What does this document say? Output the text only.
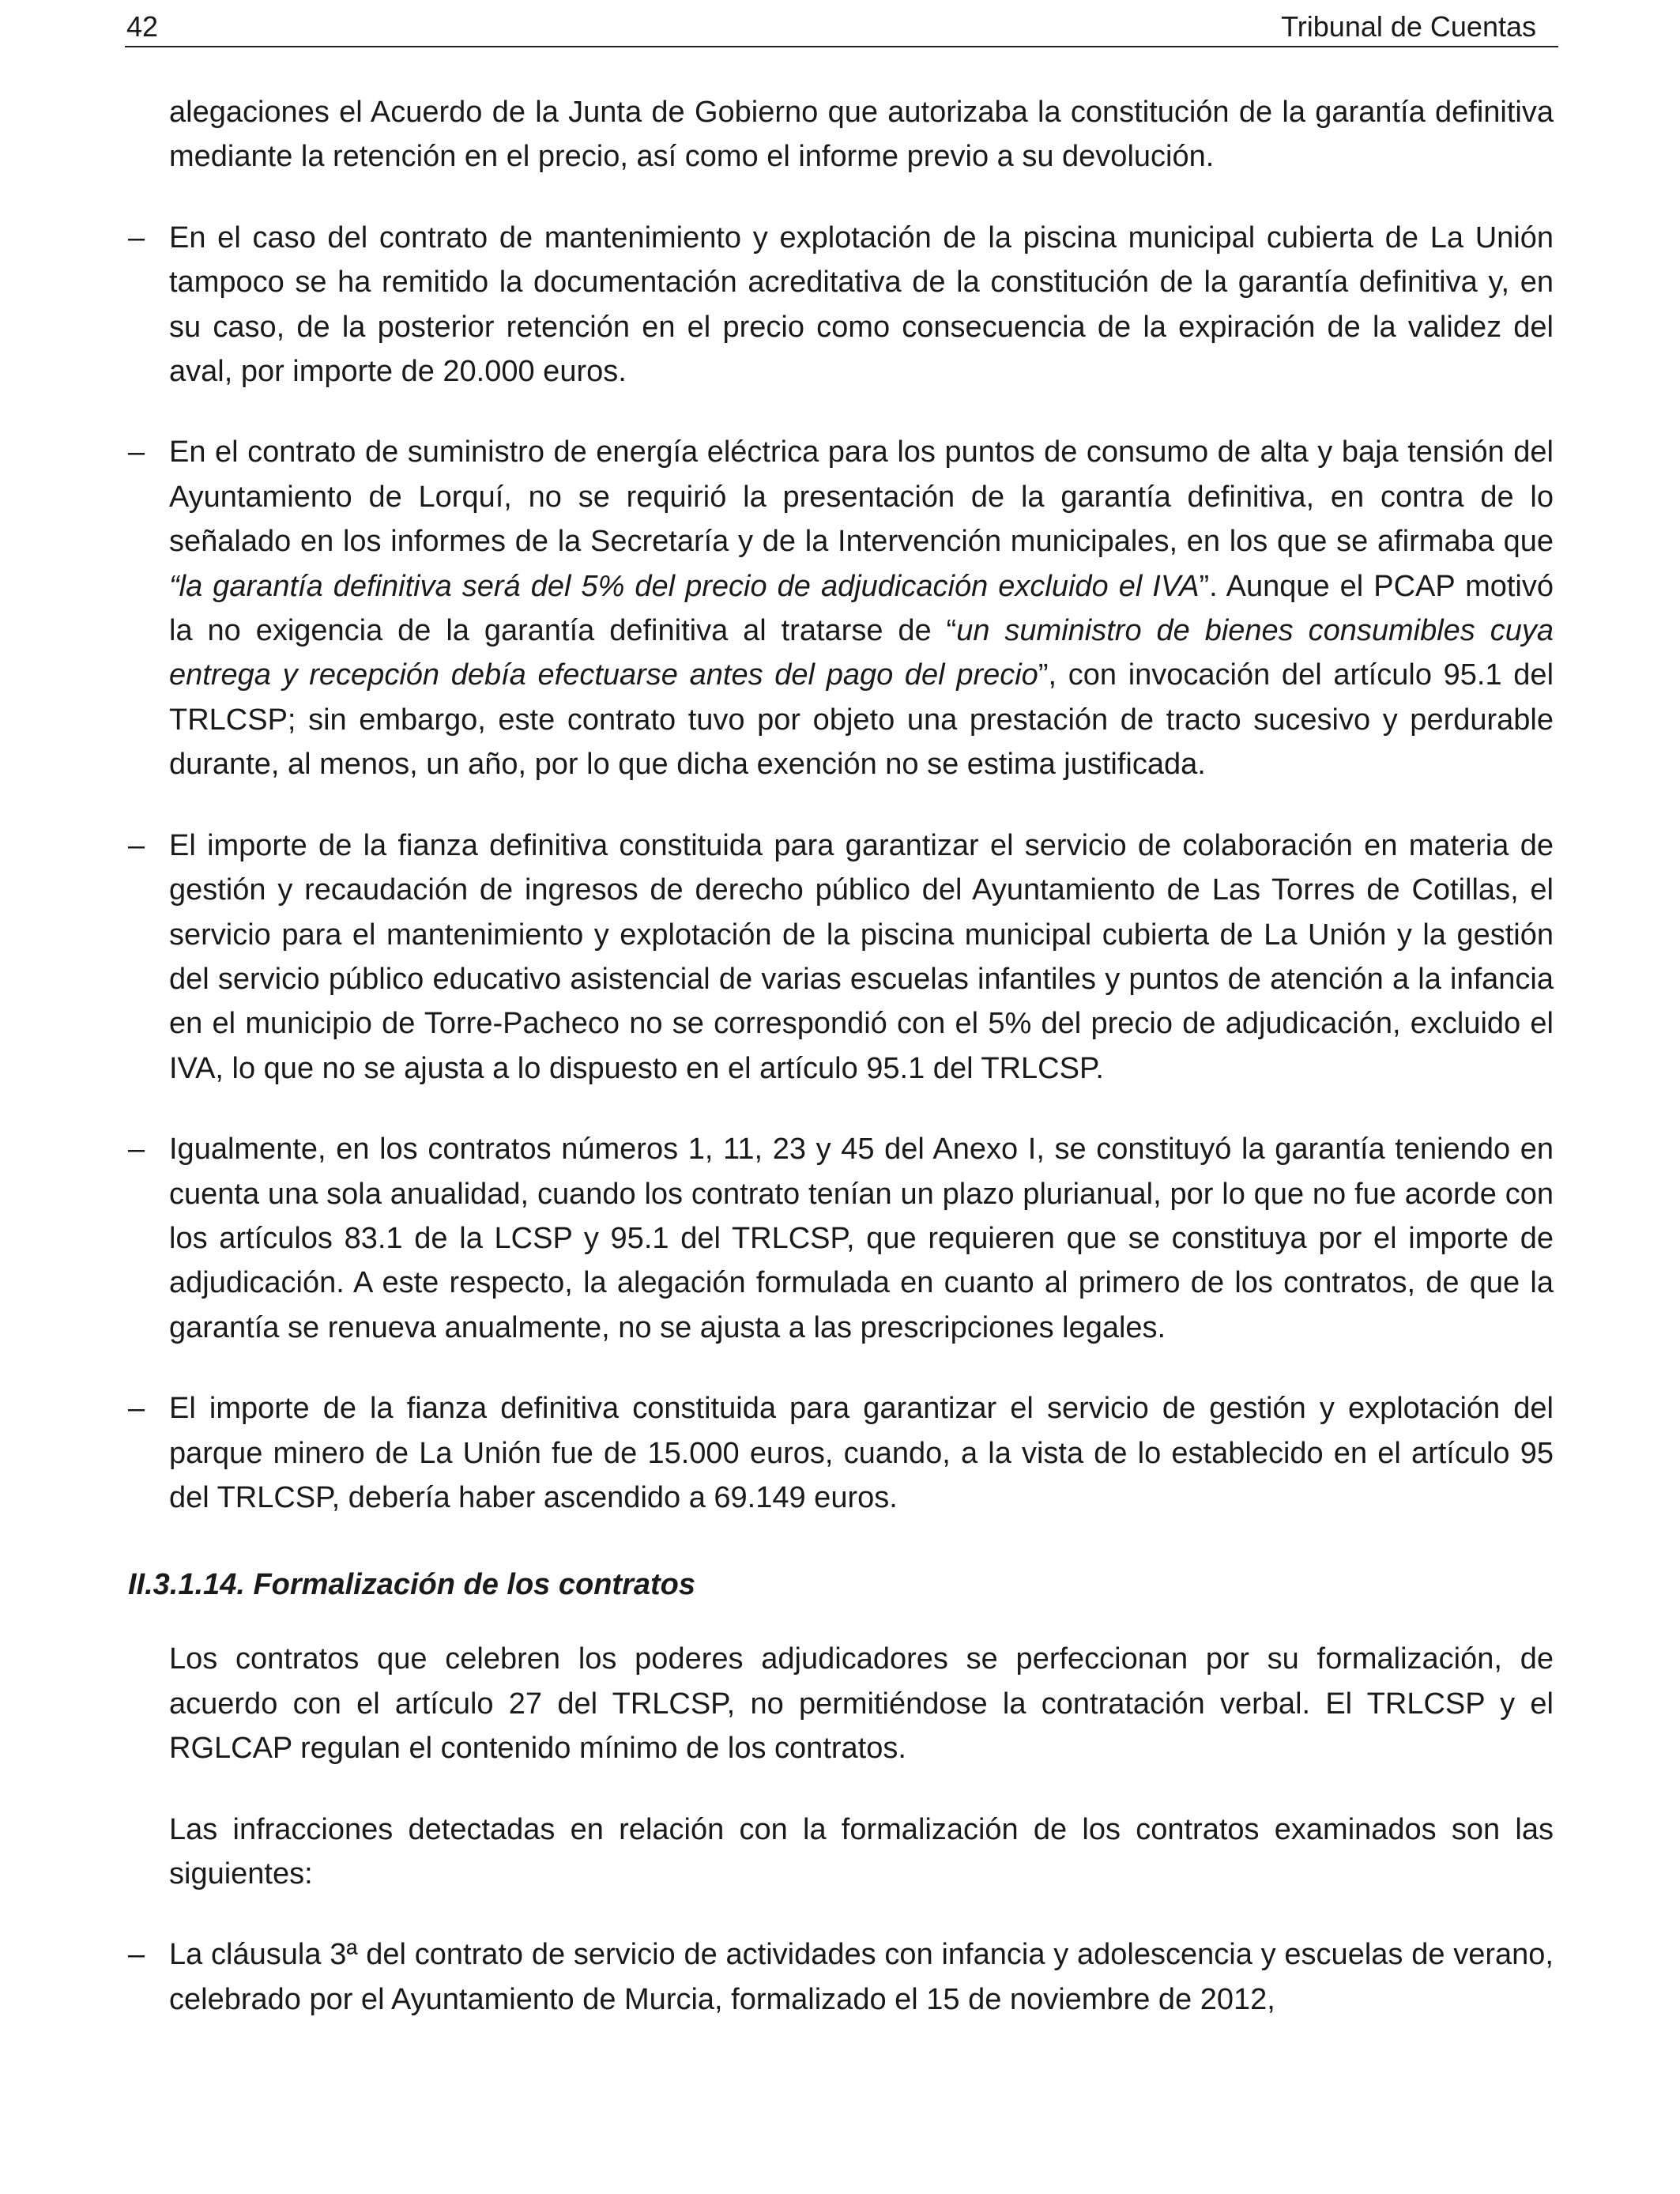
42	Tribunal de Cuentas

alegaciones el Acuerdo de la Junta de Gobierno que autorizaba la constitución de la garantía definitiva mediante la retención en el precio, así como el informe previo a su devolución.

– En el caso del contrato de mantenimiento y explotación de la piscina municipal cubierta de La Unión tampoco se ha remitido la documentación acreditativa de la constitución de la garantía definitiva y, en su caso, de la posterior retención en el precio como consecuencia de la expiración de la validez del aval, por importe de 20.000 euros.
– En el contrato de suministro de energía eléctrica para los puntos de consumo de alta y baja tensión del Ayuntamiento de Lorquí, no se requirió la presentación de la garantía definitiva, en contra de lo señalado en los informes de la Secretaría y de la Intervención municipales, en los que se afirmaba que “la garantía definitiva será del 5% del precio de adjudicación excluido el IVA”. Aunque el PCAP motivó la no exigencia de la garantía definitiva al tratarse de “un suministro de bienes consumibles cuya entrega y recepción debía efectuarse antes del pago del precio”, con invocación del artículo 95.1 del TRLCSP; sin embargo, este contrato tuvo por objeto una prestación de tracto sucesivo y perdurable durante, al menos, un año, por lo que dicha exención no se estima justificada.
– El importe de la fianza definitiva constituida para garantizar el servicio de colaboración en materia de gestión y recaudación de ingresos de derecho público del Ayuntamiento de Las Torres de Cotillas, el servicio para el mantenimiento y explotación de la piscina municipal cubierta de La Unión y la gestión del servicio público educativo asistencial de varias escuelas infantiles y puntos de atención a la infancia en el municipio de Torre-Pacheco no se correspondió con el 5% del precio de adjudicación, excluido el IVA, lo que no se ajusta a lo dispuesto en el artículo 95.1 del TRLCSP.
– Igualmente, en los contratos números 1, 11, 23 y 45 del Anexo I, se constituyó la garantía teniendo en cuenta una sola anualidad, cuando los contrato tenían un plazo plurianual, por lo que no fue acorde con los artículos 83.1 de la LCSP y 95.1 del TRLCSP, que requieren que se constituya por el importe de adjudicación. A este respecto, la alegación formulada en cuanto al primero de los contratos, de que la garantía se renueva anualmente, no se ajusta a las prescripciones legales.
– El importe de la fianza definitiva constituida para garantizar el servicio de gestión y explotación del parque minero de La Unión fue de 15.000 euros, cuando, a la vista de lo establecido en el artículo 95 del TRLCSP, debería haber ascendido a 69.149 euros.
II.3.1.14. Formalización de los contratos

Los contratos que celebren los poderes adjudicadores se perfeccionan por su formalización, de acuerdo con el artículo 27 del TRLCSP, no permitiéndose la contratación verbal. El TRLCSP y el RGLCAP regulan el contenido mínimo de los contratos.

Las infracciones detectadas en relación con la formalización de los contratos examinados son las siguientes:

– La cláusula 3ª del contrato de servicio de actividades con infancia y adolescencia y escuelas de verano, celebrado por el Ayuntamiento de Murcia, formalizado el 15 de noviembre de 2012,
